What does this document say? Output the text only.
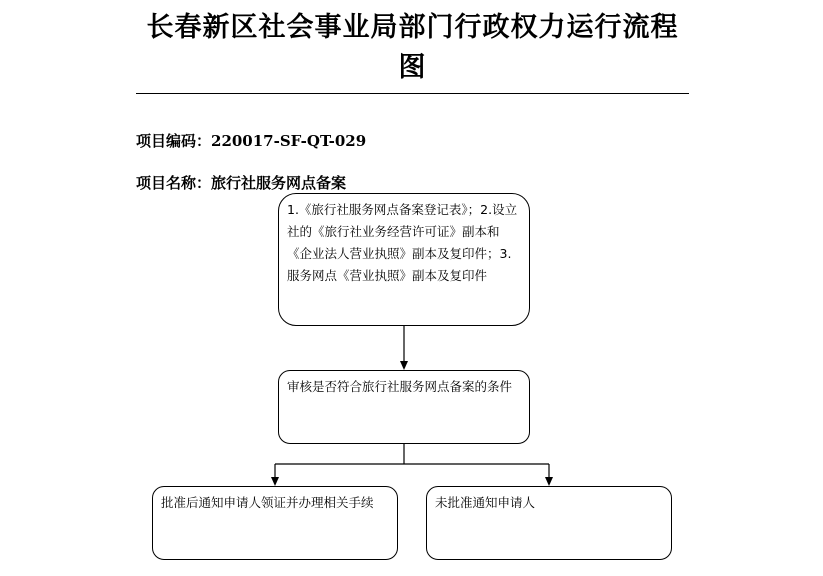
长春新区社会事业局部门行政权力运行流程图
项目编码：220017-SF-QT-029
项目名称：旅行社服务网点备案
1.《旅行社服务网点备案登记表》；2.设立社的《旅行社业务经营许可证》副本和《企业法人营业执照》副本及复印件；3.服务网点《营业执照》副本及复印件
审核是否符合旅行社服务网点备案的条件
批准后通知申请人领证并办理相关手续	未批准通知申请人
